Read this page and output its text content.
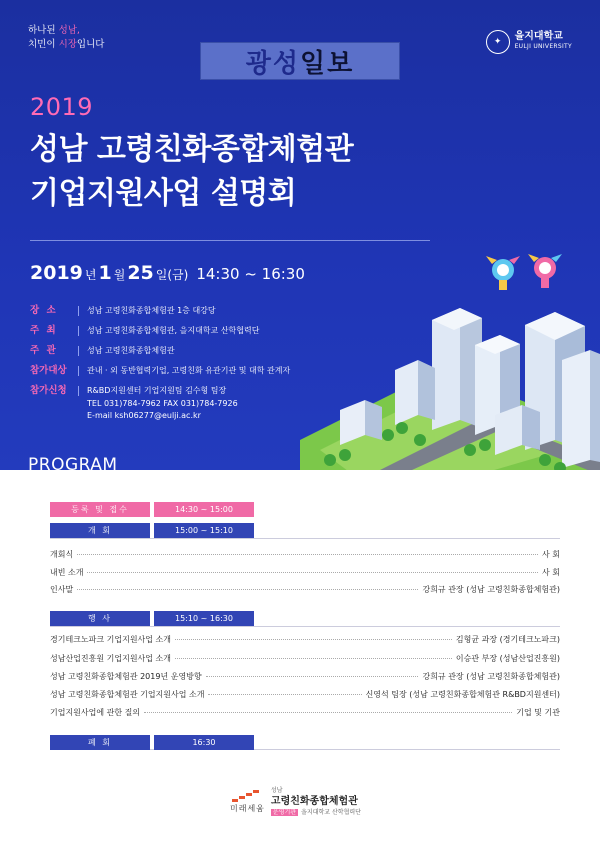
하나된 성남,
치민이 시장입니다	✦	을지대학교
EULJI UNIVERSITY
광성 일보
2019
성남 고령친화종합체험관
기업지원사업 설명회
2019 년 1 월 25 일(금) 14:30 ~ 16:30
장 소	성남 고령친화종합체험관 1층 대강당
주 최	성남 고령친화종합체험관, 을지대학교 산학협력단
주 관	성남 고령친화종합체험관
참가대상	관내 · 외 동반협력기업, 고령친화 유관기관 및 대학 관계자
참가신청	R&BD지원센터 기업지원팀 김수형 팀장
TEL 031)784-7962 FAX 031)784-7926
E-mail ksh06277@eulji.ac.kr
PROGRAM
등록 및 접수	14:30 ~ 15:00
개 회	15:00 ~ 15:10
개회식	사 회
내빈 소개	사 회
인사말	강희규 관장 (성남 고령친화종합체험관)
행 사	15:10 ~ 16:30
경기테크노파크 기업지원사업 소개	김형균 과장 (경기테크노파크)
성남산업진흥원 기업지원사업 소개	이승관 부장 (성남산업진흥원)
성남 고령친화종합체험관 2019년 운영방향	강희규 관장 (성남 고령친화종합체험관)
성남 고령친화종합체험관 기업지원사업 소개	신영석 팀장 (성남 고령친화종합체험관 R&BD지원센터)
기업지원사업에 관한 질의	기업 및 기관
폐 회	16:30
미래세움
성남
고령친화종합체험관
운영기관 을지대학교 산학협력단
